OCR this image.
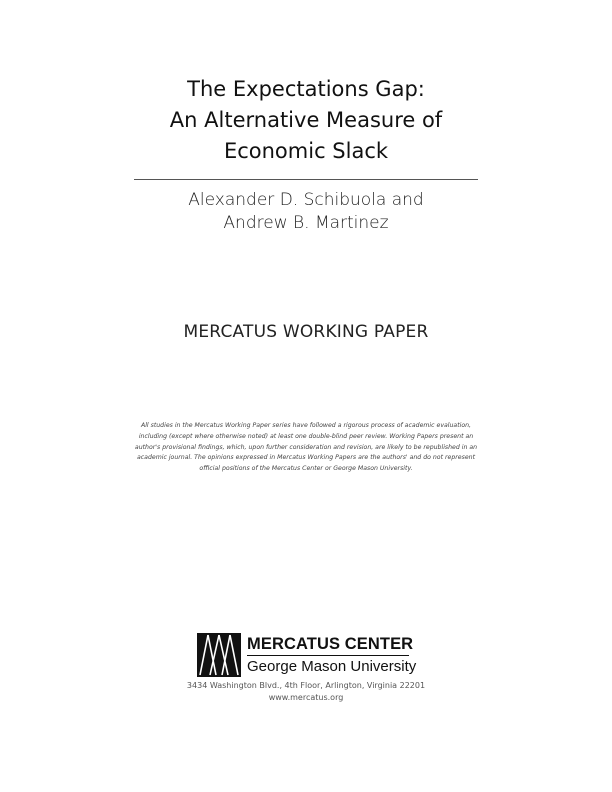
The Expectations Gap:
An Alternative Measure of
Economic Slack
Alexander D. Schibuola and
Andrew B. Martinez
MERCATUS WORKING PAPER
All studies in the Mercatus Working Paper series have followed a rigorous process of academic evaluation,
including (except where otherwise noted) at least one double-blind peer review. Working Papers present an
author's provisional findings, which, upon further consideration and revision, are likely to be republished in an
academic journal. The opinions expressed in Mercatus Working Papers are the authors' and do not represent
official positions of the Mercatus Center or George Mason University.
MERCATUS CENTER
George Mason University
3434 Washington Blvd., 4th Floor, Arlington, Virginia 22201
www.mercatus.org
